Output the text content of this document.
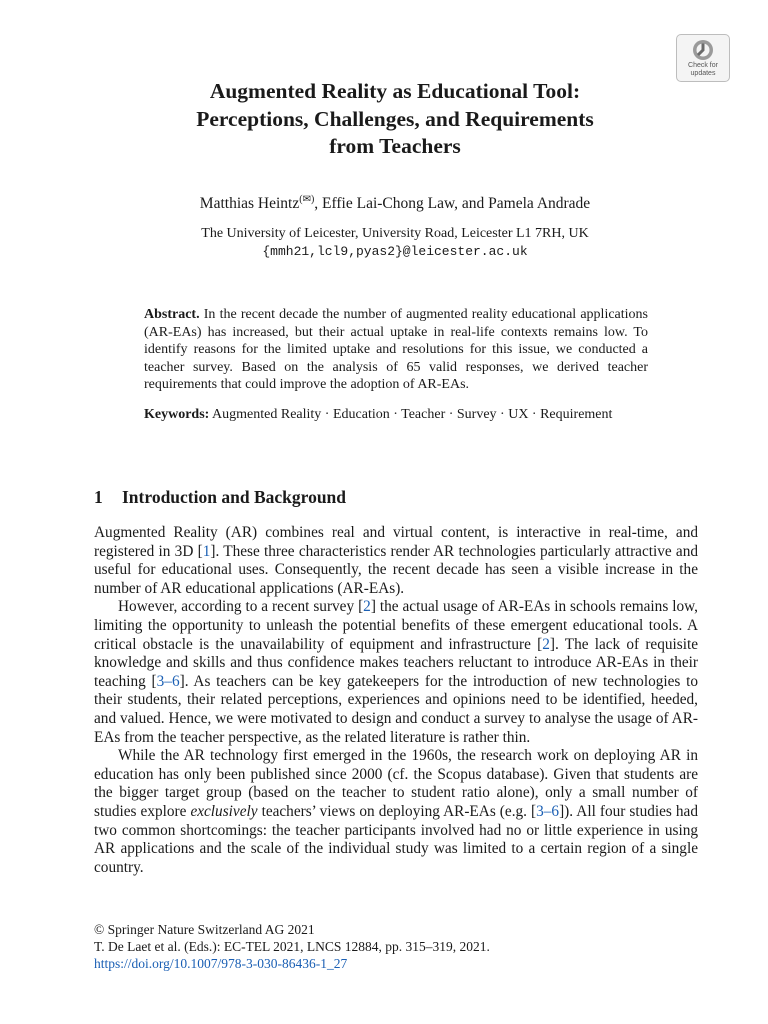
Check for
updates
Augmented Reality as Educational Tool:
Perceptions, Challenges, and Requirements
from Teachers
Matthias Heintz(✉), Effie Lai-Chong Law, and Pamela Andrade
The University of Leicester, University Road, Leicester L1 7RH, UK
{mmh21,lcl9,pyas2}@leicester.ac.uk
Abstract. In the recent decade the number of augmented reality educational applications (AR-EAs) has increased, but their actual uptake in real-life contexts remains low. To identify reasons for the limited uptake and resolutions for this issue, we conducted a teacher survey. Based on the analysis of 65 valid responses, we derived teacher requirements that could improve the adoption of AR-EAs.
Keywords: Augmented Reality · Education · Teacher · Survey · UX · Requirement
1 Introduction and Background

Augmented Reality (AR) combines real and virtual content, is interactive in real-time, and registered in 3D [1]. These three characteristics render AR technologies particularly attractive and useful for educational uses. Consequently, the recent decade has seen a visible increase in the number of AR educational applications (AR-EAs).

However, according to a recent survey [2] the actual usage of AR-EAs in schools remains low, limiting the opportunity to unleash the potential benefits of these emergent educational tools. A critical obstacle is the unavailability of equipment and infrastructure [2]. The lack of requisite knowledge and skills and thus confidence makes teachers reluctant to introduce AR-EAs in their teaching [3–6]. As teachers can be key gatekeepers for the introduction of new technologies to their students, their related perceptions, experiences and opinions need to be identified, heeded, and valued. Hence, we were motivated to design and conduct a survey to analyse the usage of AR-EAs from the teacher perspective, as the related literature is rather thin.

While the AR technology first emerged in the 1960s, the research work on deploying AR in education has only been published since 2000 (cf. the Scopus database). Given that students are the bigger target group (based on the teacher to student ratio alone), only a small number of studies explore exclusively teachers’ views on deploying AR-EAs (e.g. [3–6]). All four studies had two common shortcomings: the teacher participants involved had no or little experience in using AR applications and the scale of the individual study was limited to a certain region of a single country.

© Springer Nature Switzerland AG 2021
T. De Laet et al. (Eds.): EC-TEL 2021, LNCS 12884, pp. 315–319, 2021.
https://doi.org/10.1007/978-3-030-86436-1_27
